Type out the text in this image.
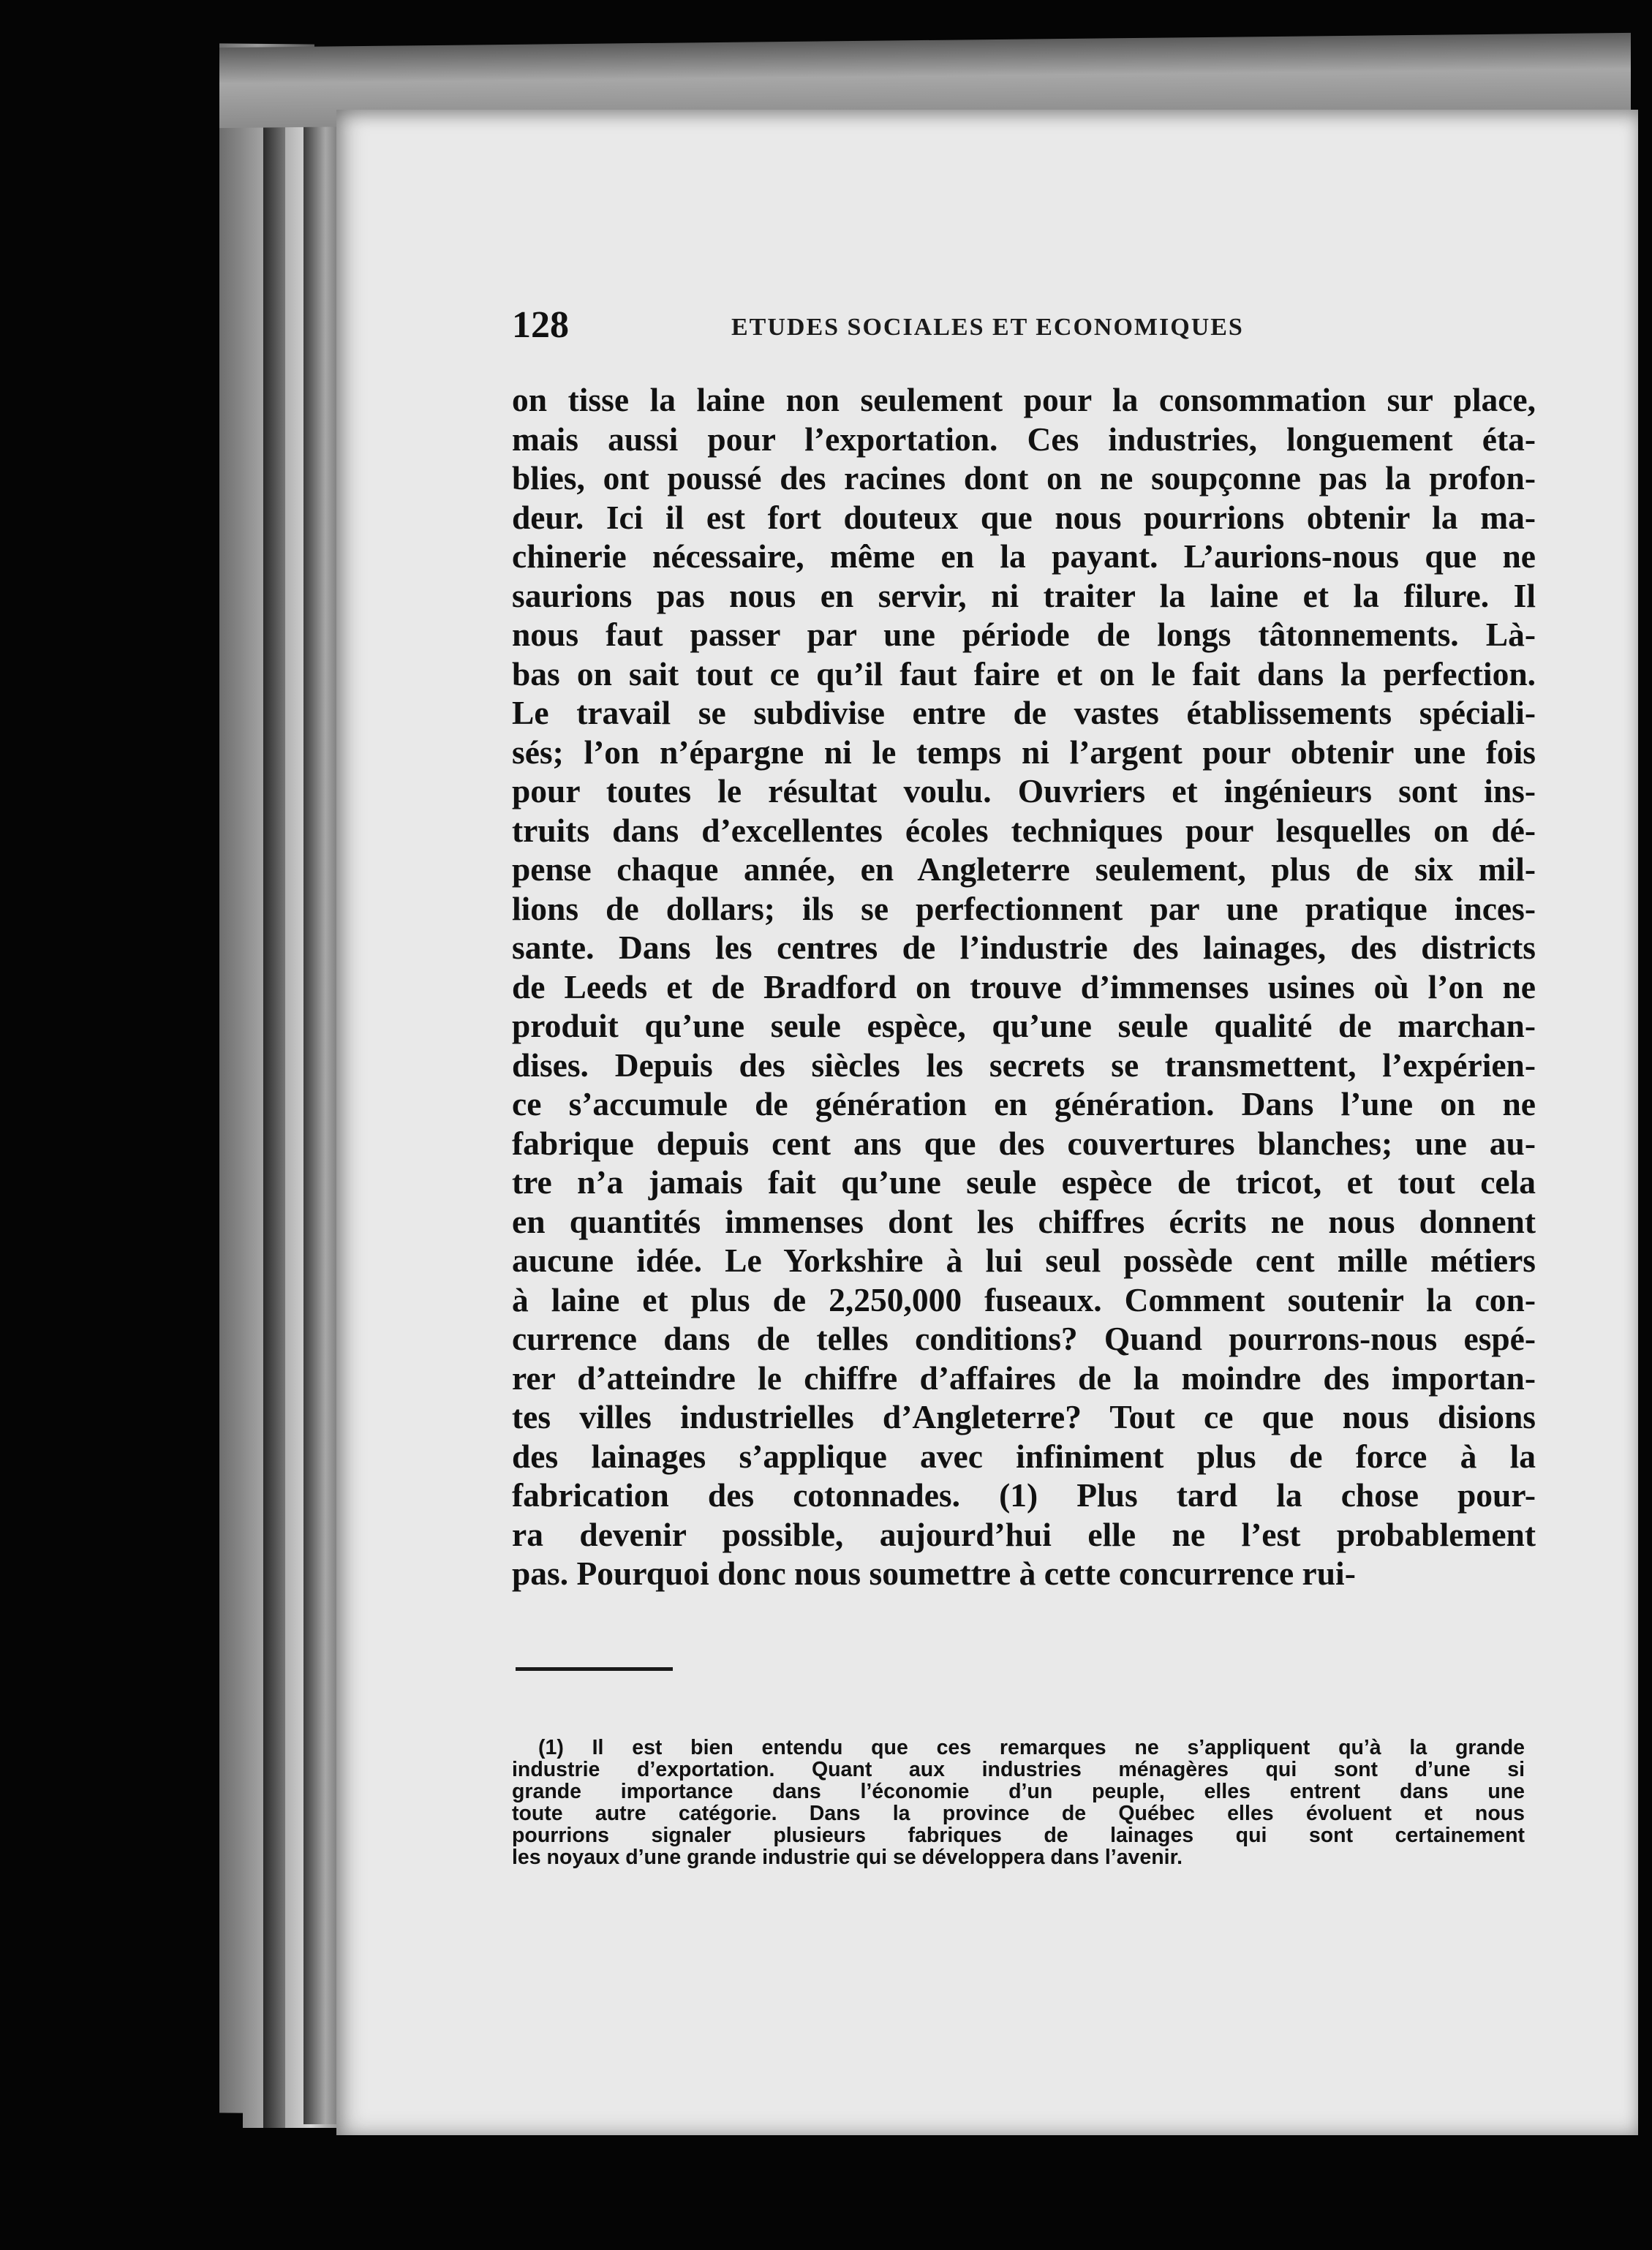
128	ETUDES SOCIALES ET ECONOMIQUES
on tisse la laine non seulement pour la consommation sur place,
mais aussi pour l’exportation. Ces industries, longuement éta-
blies, ont poussé des racines dont on ne soupçonne pas la profon-
deur. Ici il est fort douteux que nous pourrions obtenir la ma-
chinerie nécessaire, même en la payant. L’aurions-nous que ne
saurions pas nous en servir, ni traiter la laine et la filure. Il
nous faut passer par une période de longs tâtonnements. Là-
bas on sait tout ce qu’il faut faire et on le fait dans la perfection.
Le travail se subdivise entre de vastes établissements spéciali-
sés; l’on n’épargne ni le temps ni l’argent pour obtenir une fois
pour toutes le résultat voulu. Ouvriers et ingénieurs sont ins-
truits dans d’excellentes écoles techniques pour lesquelles on dé-
pense chaque année, en Angleterre seulement, plus de six mil-
lions de dollars; ils se perfectionnent par une pratique inces-
sante. Dans les centres de l’industrie des lainages, des districts
de Leeds et de Bradford on trouve d’immenses usines où l’on ne
produit qu’une seule espèce, qu’une seule qualité de marchan-
dises. Depuis des siècles les secrets se transmettent, l’expérien-
ce s’accumule de génération en génération. Dans l’une on ne
fabrique depuis cent ans que des couvertures blanches; une au-
tre n’a jamais fait qu’une seule espèce de tricot, et tout cela
en quantités immenses dont les chiffres écrits ne nous donnent
aucune idée. Le Yorkshire à lui seul possède cent mille métiers
à laine et plus de 2,250,000 fuseaux. Comment soutenir la con-
currence dans de telles conditions? Quand pourrons-nous espé-
rer d’atteindre le chiffre d’affaires de la moindre des importan-
tes villes industrielles d’Angleterre? Tout ce que nous disions
des lainages s’applique avec infiniment plus de force à la
fabrication des cotonnades. (1) Plus tard la chose pour-
ra devenir possible, aujourd’hui elle ne l’est probablement
pas. Pourquoi donc nous soumettre à cette concurrence rui-
(1) Il est bien entendu que ces remarques ne s’appliquent qu’à la grande
industrie d’exportation. Quant aux industries ménagères qui sont d’une si
grande importance dans l’économie d’un peuple, elles entrent dans une
toute autre catégorie. Dans la province de Québec elles évoluent et nous
pourrions signaler plusieurs fabriques de lainages qui sont certainement
les noyaux d’une grande industrie qui se développera dans l’avenir.
